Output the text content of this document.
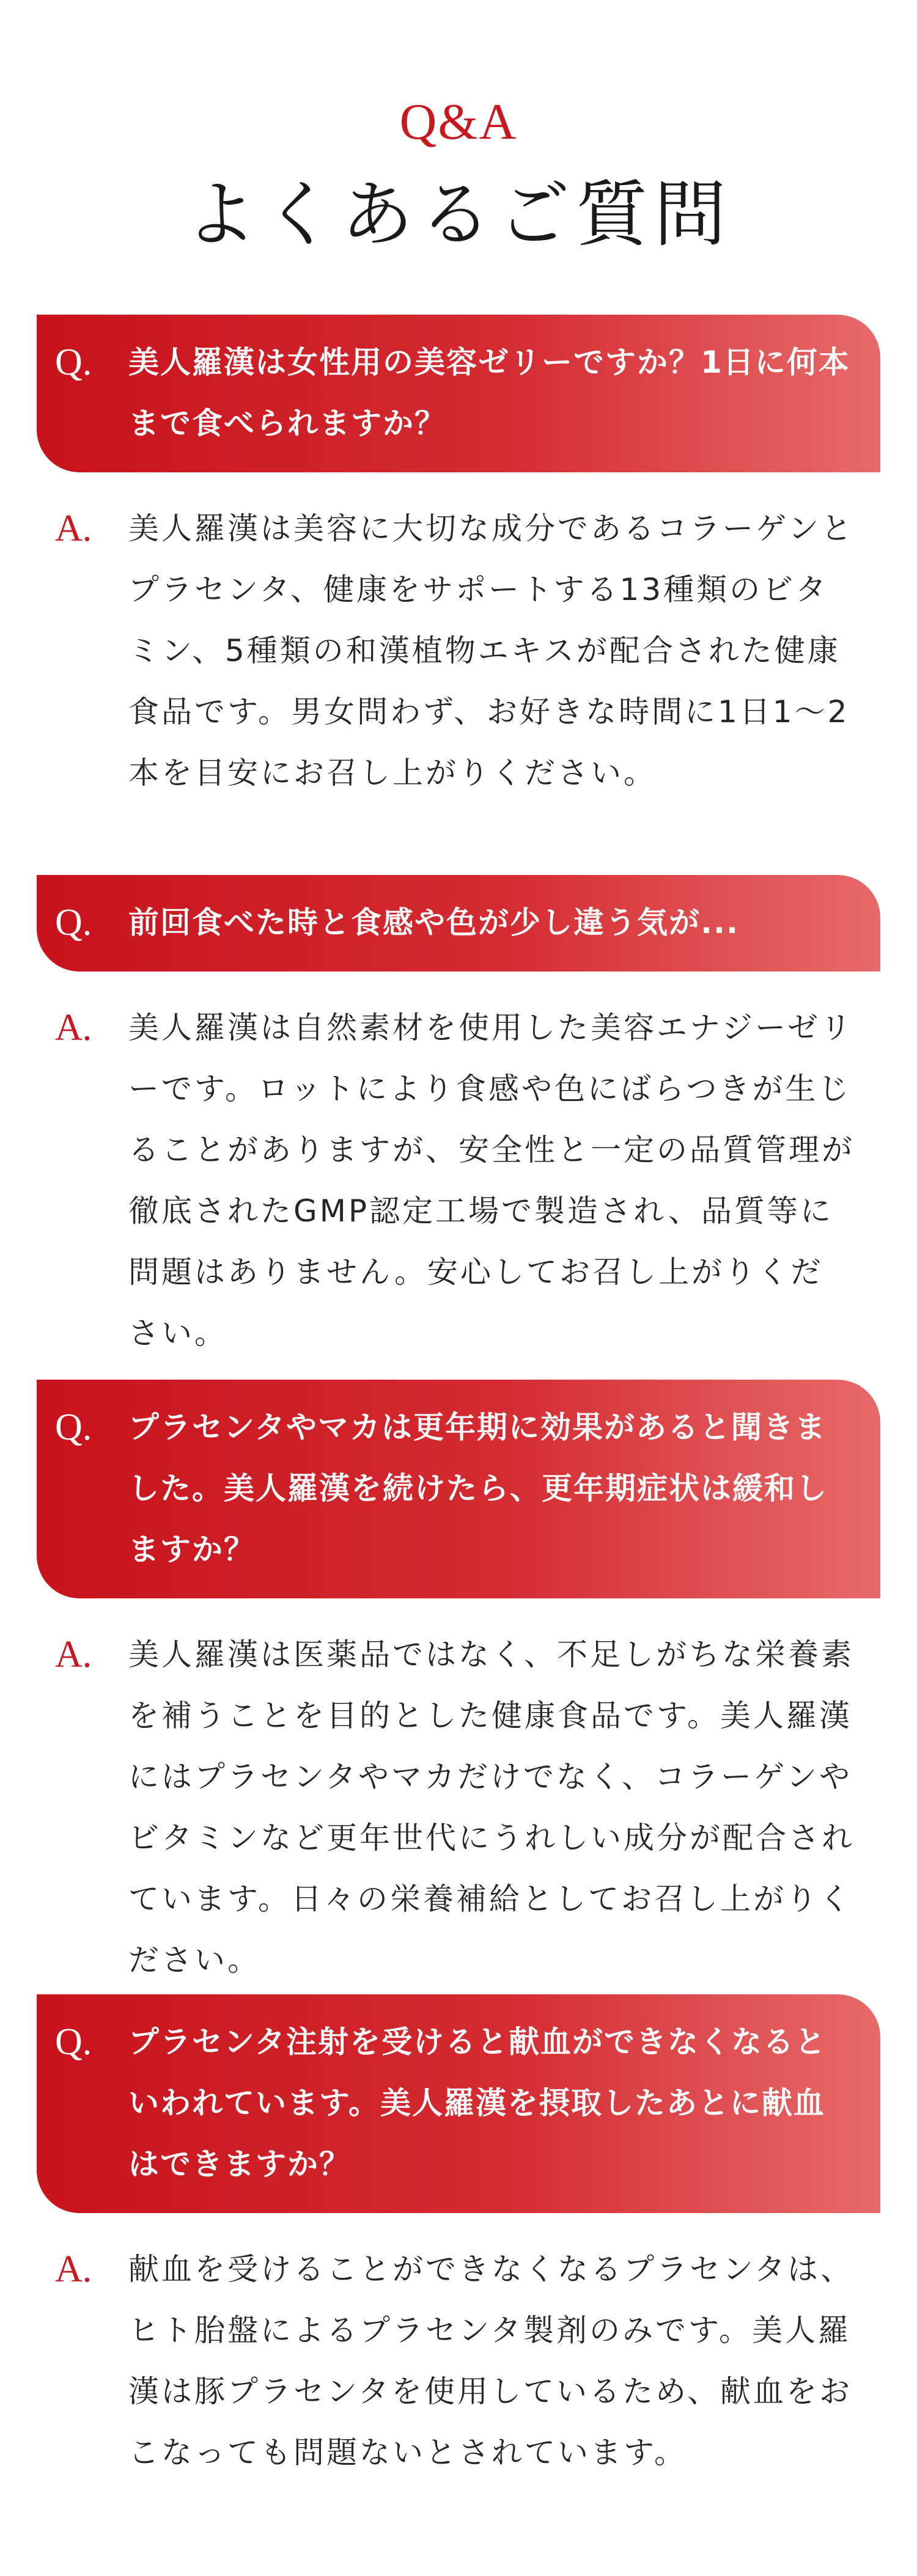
Q&A
よくあるご質問
Q. 美人羅漢は女性用の美容ゼリーですか？1日に何本まで食べられますか？
A. 美人羅漢は美容に大切な成分であるコラーゲンとプラセンタ、健康をサポートする13種類のビタミン、5種類の和漢植物エキスが配合された健康食品です。男女問わず、お好きな時間に1日1～2本を目安にお召し上がりください。
Q. 前回食べた時と食感や色が少し違う気が...
A. 美人羅漢は自然素材を使用した美容エナジーゼリーです。ロットにより食感や色にばらつきが生じることがありますが、安全性と一定の品質管理が徹底されたGMP認定工場で製造され、品質等に問題はありません。安心してお召し上がりください。
Q. プラセンタやマカは更年期に効果があると聞きました。美人羅漢を続けたら、更年期症状は緩和しますか？
A. 美人羅漢は医薬品ではなく、不足しがちな栄養素を補うことを目的とした健康食品です。美人羅漢にはプラセンタやマカだけでなく、コラーゲンやビタミンなど更年世代にうれしい成分が配合されています。日々の栄養補給としてお召し上がりください。
Q. プラセンタ注射を受けると献血ができなくなるといわれています。美人羅漢を摂取したあとに献血はできますか？
A. 献血を受けることができなくなるプラセンタは、ヒト胎盤によるプラセンタ製剤のみです。美人羅漢は豚プラセンタを使用しているため、献血をおこなっても問題ないとされています。
